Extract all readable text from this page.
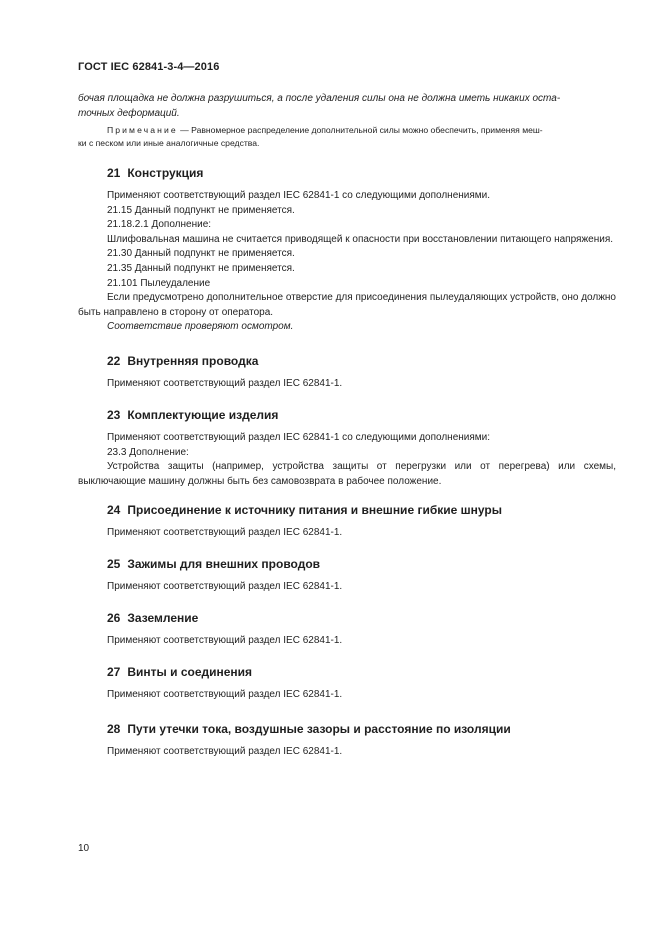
ГОСТ IEC 62841-3-4—2016
бочая площадка не должна разрушиться, а после удаления силы она не должна иметь никаких оста-
точных деформаций.
Примечание — Равномерное распределение дополнительной силы можно обеспечить, применяя меш-
ки с песком или иные аналогичные средства.
21 Конструкция
Применяют соответствующий раздел IEC 62841-1 со следующими дополнениями.
21.15 Данный подпункт не применяется.
21.18.2.1 Дополнение:
Шлифовальная машина не считается приводящей к опасности при восстановлении питающего напряжения.
21.30 Данный подпункт не применяется.
21.35 Данный подпункт не применяется.
21.101 Пылеудаление
Если предусмотрено дополнительное отверстие для присоединения пылеудаляющих устройств, оно должно быть направлено в сторону от оператора.
Соответствие проверяют осмотром.
22 Внутренняя проводка
Применяют соответствующий раздел IEC 62841-1.
23 Комплектующие изделия
Применяют соответствующий раздел IEC 62841-1 со следующими дополнениями:
23.3 Дополнение:
Устройства защиты (например, устройства защиты от перегрузки или от перегрева) или схемы, выключающие машину должны быть без самовозврата в рабочее положение.
24 Присоединение к источнику питания и внешние гибкие шнуры
Применяют соответствующий раздел IEC 62841-1.
25 Зажимы для внешних проводов
Применяют соответствующий раздел IEC 62841-1.
26 Заземление
Применяют соответствующий раздел IEC 62841-1.
27 Винты и соединения
Применяют соответствующий раздел IEC 62841-1.
28 Пути утечки тока, воздушные зазоры и расстояние по изоляции
Применяют соответствующий раздел IEC 62841-1.
10
